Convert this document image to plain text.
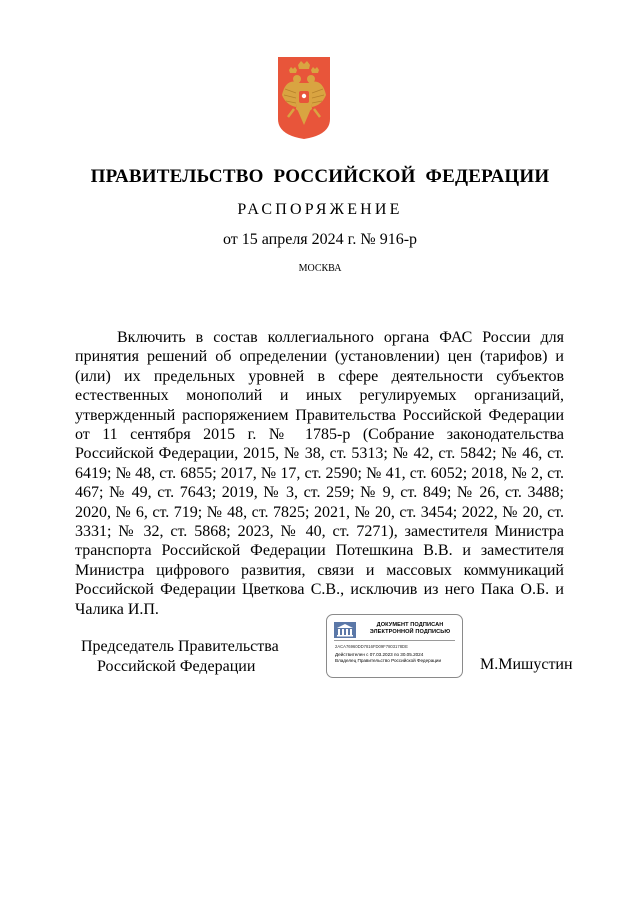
ПРАВИТЕЛЬСТВО РОССИЙСКОЙ ФЕДЕРАЦИИ
РАСПОРЯЖЕНИЕ
от 15 апреля 2024 г. № 916-р
МОСКВА

Включить в состав коллегиального органа ФАС России для принятия решений об определении (установлении) цен (тарифов) и (или) их предельных уровней в сфере деятельности субъектов естественных монополий и иных регулируемых организаций, утвержденный распоряжением Правительства Российской Федерации от 11 сентября 2015 г. № 1785-р (Собрание законодательства Российской Федерации, 2015, № 38, ст. 5313; № 42, ст. 5842; № 46, ст. 6419; № 48, ст. 6855; 2017, № 17, ст. 2590; № 41, ст. 6052; 2018, № 2, ст. 467; № 49, ст. 7643; 2019, № 3, ст. 259; № 9, ст. 849; № 26, ст. 3488; 2020, № 6, ст. 719; № 48, ст. 7825; 2021, № 20, ст. 3454; 2022, № 20, ст. 3331; № 32, ст. 5868; 2023, № 40, ст. 7271), заместителя Министра транспорта Российской Федерации Потешкина В.В. и заместителя Министра цифрового развития, связи и массовых коммуникаций Российской Федерации Цветкова С.В., исключив из него Пака О.Б. и Чалика И.П.

Председатель Правительства
Российской Федерации
ДОКУМЕНТ ПОДПИСАН
ЭЛЕКТРОННОЙ ПОДПИСЬЮ
2ACA76960DD7816FD09F7803178DE
Действителен с 07.03.2023 по 30.05.2024
Владелец Правительство Российской Федерации	М.Мишустин
